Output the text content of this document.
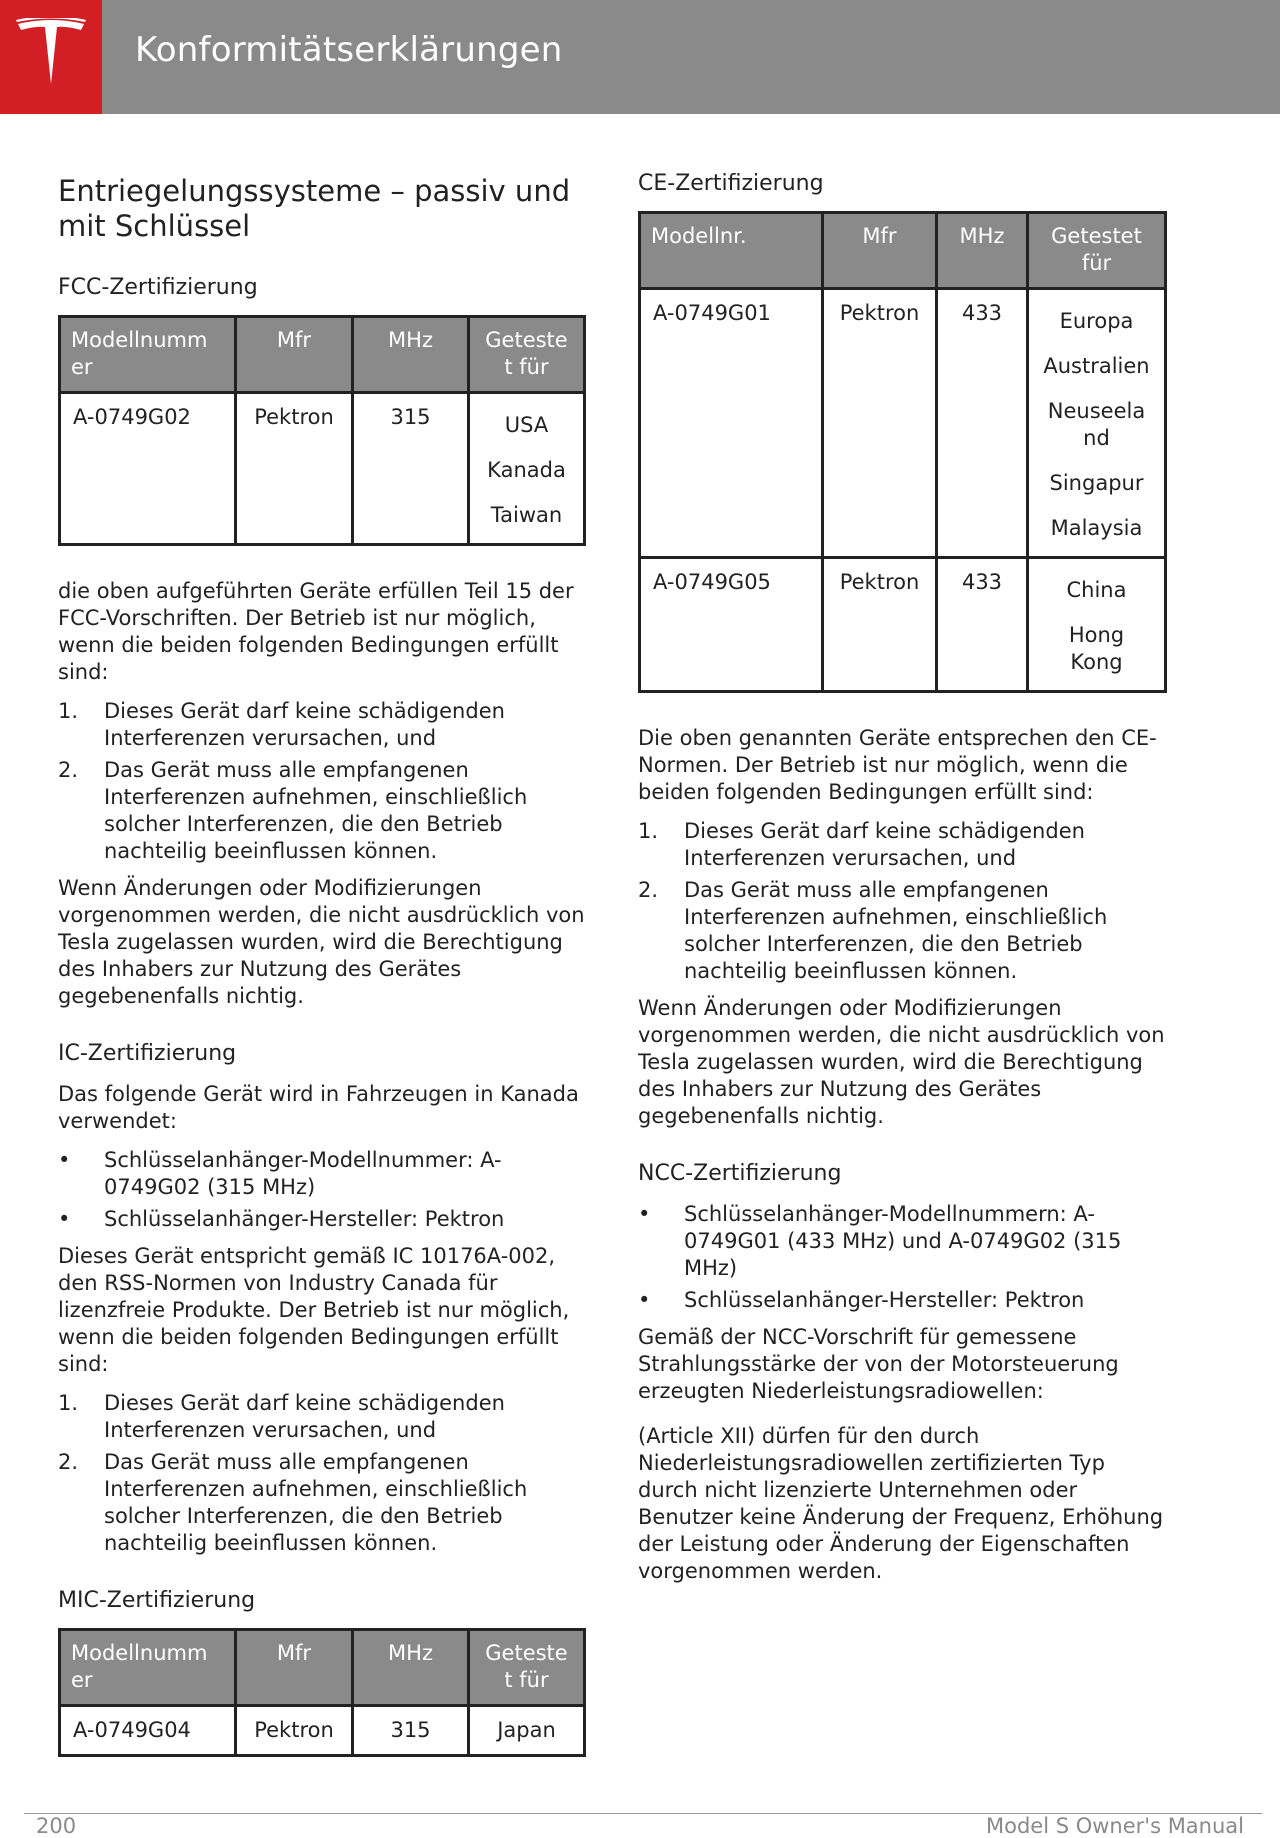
Konformitätserklärungen
Entriegelungssysteme – passiv und mit Schlüssel
FCC-Zertifizierung
Modellnumm er	Mfr	MHz	Geteste t für
A-0749G02	Pektron	315	USA
Kanada
Taiwan

die oben aufgeführten Geräte erfüllen Teil 15 der FCC-Vorschriften. Der Betrieb ist nur möglich, wenn die beiden folgenden Bedingungen erfüllt sind:

1. Dieses Gerät darf keine schädigenden Interferenzen verursachen, und
2. Das Gerät muss alle empfangenen Interferenzen aufnehmen, einschließlich solcher Interferenzen, die den Betrieb nachteilig beeinflussen können.

Wenn Änderungen oder Modifizierungen vorgenommen werden, die nicht ausdrücklich von Tesla zugelassen wurden, wird die Berechtigung des Inhabers zur Nutzung des Gerätes gegebenenfalls nichtig.

IC-Zertifizierung

Das folgende Gerät wird in Fahrzeugen in Kanada verwendet:

• Schlüsselanhänger-Modellnummer: A-0749G02 (315 MHz)
• Schlüsselanhänger-Hersteller: Pektron

Dieses Gerät entspricht gemäß IC 10176A-002, den RSS-Normen von Industry Canada für lizenzfreie Produkte. Der Betrieb ist nur möglich, wenn die beiden folgenden Bedingungen erfüllt sind:

1. Dieses Gerät darf keine schädigenden Interferenzen verursachen, und
2. Das Gerät muss alle empfangenen Interferenzen aufnehmen, einschließlich solcher Interferenzen, die den Betrieb nachteilig beeinflussen können.
MIC-Zertifizierung
Modellnumm er	Mfr	MHz	Geteste t für
A-0749G04	Pektron	315	Japan
CE-Zertifizierung
Modellnr.	Mfr	MHz	Getestet für
A-0749G01	Pektron	433	Europa
Australien
Neuseela nd
Singapur
Malaysia

A-0749G05	Pektron	433	China
Hong Kong

Die oben genannten Geräte entsprechen den CE-Normen. Der Betrieb ist nur möglich, wenn die beiden folgenden Bedingungen erfüllt sind:

1. Dieses Gerät darf keine schädigenden Interferenzen verursachen, und
2. Das Gerät muss alle empfangenen Interferenzen aufnehmen, einschließlich solcher Interferenzen, die den Betrieb nachteilig beeinflussen können.

Wenn Änderungen oder Modifizierungen vorgenommen werden, die nicht ausdrücklich von Tesla zugelassen wurden, wird die Berechtigung des Inhabers zur Nutzung des Gerätes gegebenenfalls nichtig.

NCC-Zertifizierung
• Schlüsselanhänger-Modellnummern: A-0749G01 (433 MHz) und A-0749G02 (315 MHz)
• Schlüsselanhänger-Hersteller: Pektron

Gemäß der NCC-Vorschrift für gemessene Strahlungsstärke der von der Motorsteuerung erzeugten Niederleistungsradiowellen:

(Article XII) dürfen für den durch Niederleistungsradiowellen zertifizierten Typ durch nicht lizenzierte Unternehmen oder Benutzer keine Änderung der Frequenz, Erhöhung der Leistung oder Änderung der Eigenschaften vorgenommen werden.

200	Model S Owner's Manual
